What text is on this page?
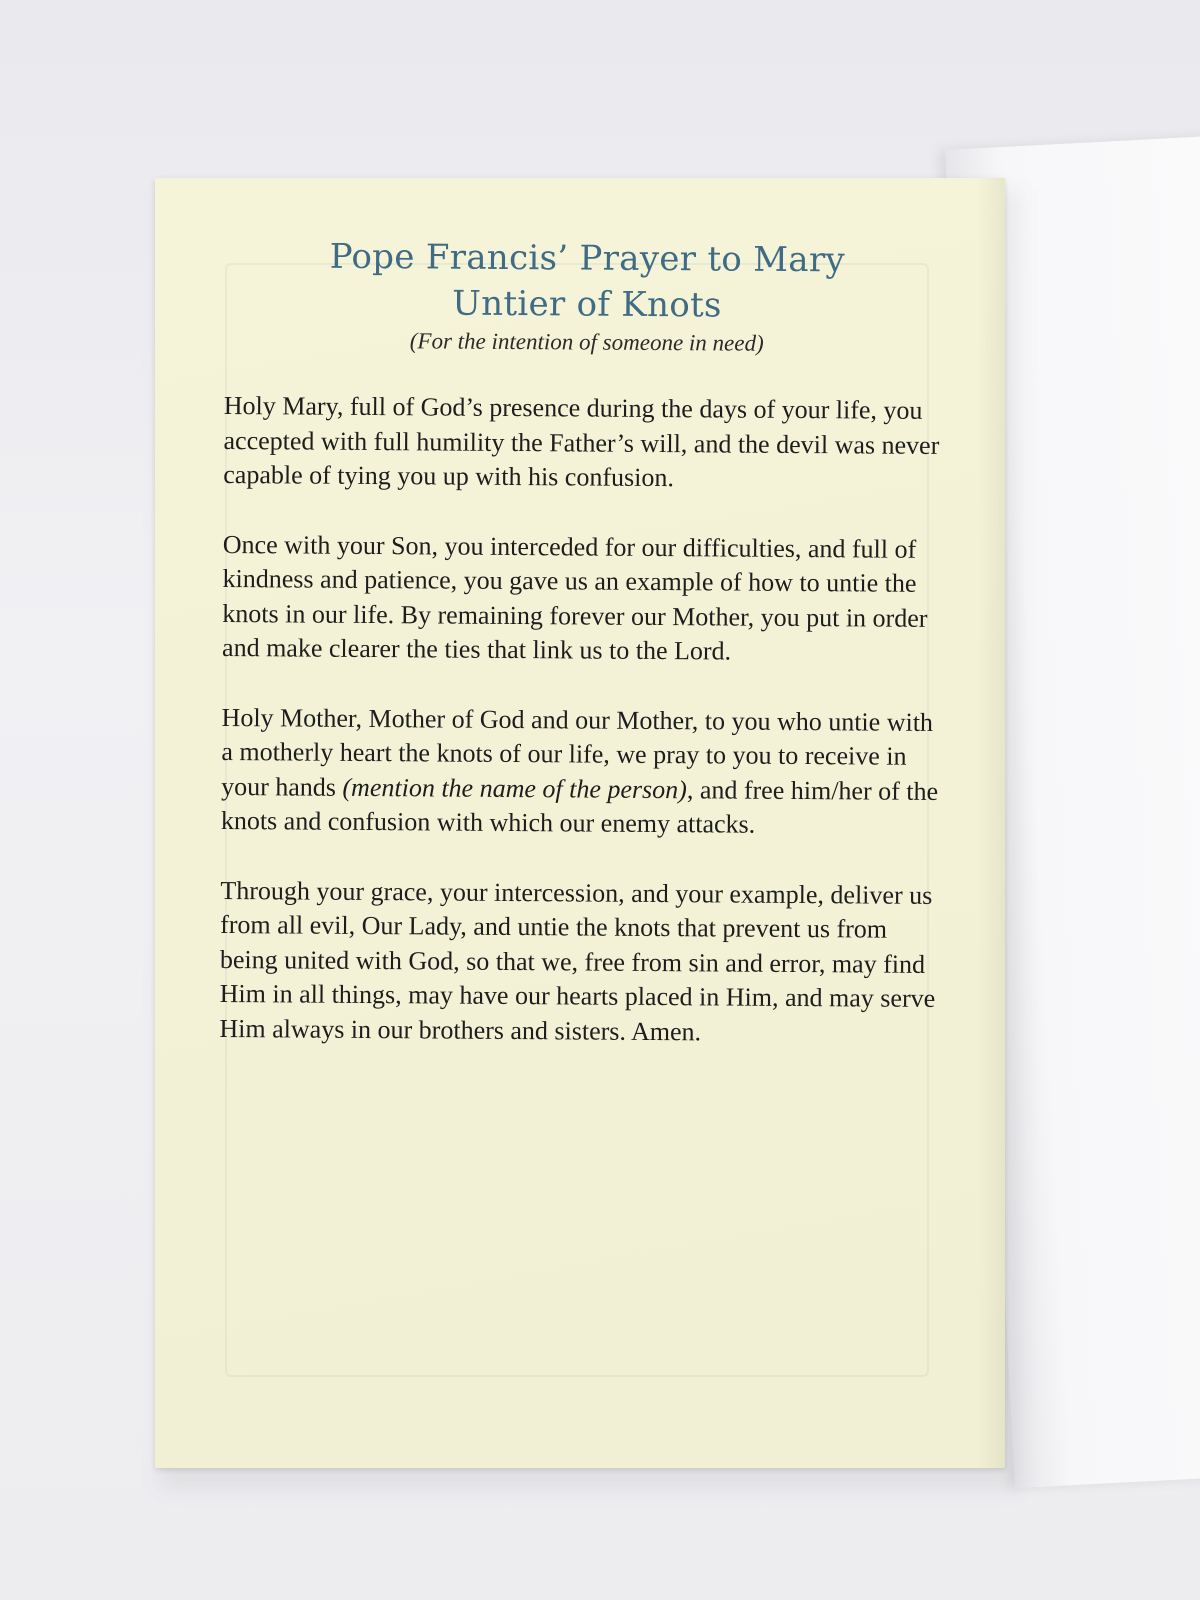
Pope Francis’ Prayer to Mary
Untier of Knots

(For the intention of someone in need)

Holy Mary, full of God’s presence during the days of your life, you accepted with full humility the Father’s will, and the devil was never capable of tying you up with his confusion.

Once with your Son, you interceded for our difficulties, and full of kindness and patience, you gave us an example of how to untie the knots in our life. By remaining forever our Mother, you put in order and make clearer the ties that link us to the Lord.

Holy Mother, Mother of God and our Mother, to you who untie with a motherly heart the knots of our life, we pray to you to receive in your hands (mention the name of the person), and free him/her of the knots and confusion with which our enemy attacks.

Through your grace, your intercession, and your example, deliver us from all evil, Our Lady, and untie the knots that prevent us from being united with God, so that we, free from sin and error, may find Him in all things, may have our hearts placed in Him, and may serve Him always in our brothers and sisters. Amen.
